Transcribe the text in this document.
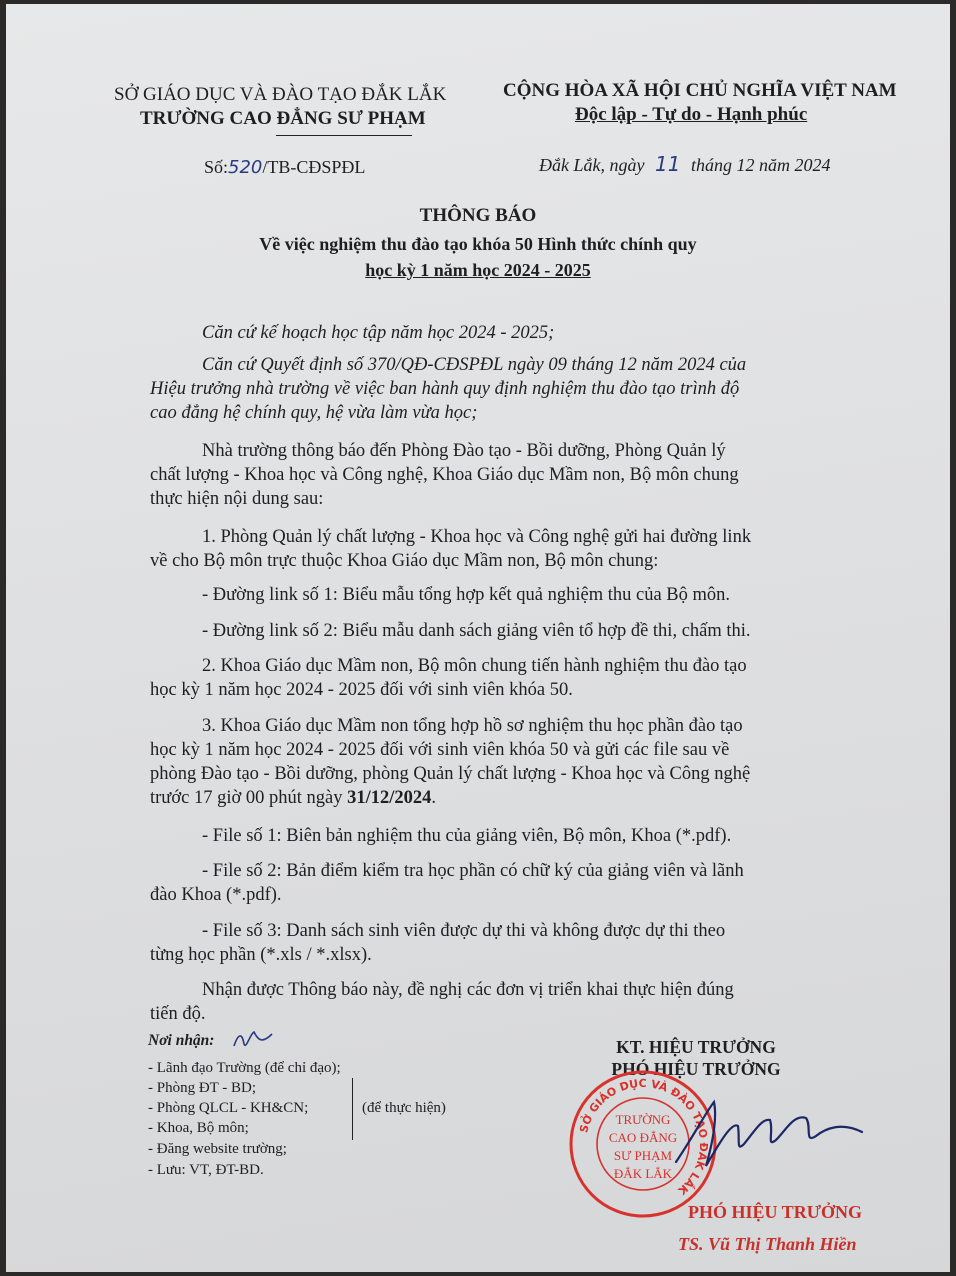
SỞ GIÁO DỤC VÀ ĐÀO TẠO ĐẮK LẮK
TRƯỜNG CAO ĐẲNG SƯ PHẠM
CỘNG HÒA XÃ HỘI CHỦ NGHĨA VIỆT NAM
Độc lập - Tự do - Hạnh phúc
Số:520/TB-CĐSPĐL	Đắk Lắk, ngày 11 tháng 12 năm 2024
THÔNG BÁO
Về việc nghiệm thu đào tạo khóa 50 Hình thức chính quy
học kỳ 1 năm học 2024 - 2025
Căn cứ kế hoạch học tập năm học 2024 - 2025;
Căn cứ Quyết định số 370/QĐ-CĐSPĐL ngày 09 tháng 12 năm 2024 của
Hiệu trưởng nhà trường về việc ban hành quy định nghiệm thu đào tạo trình độ
cao đẳng hệ chính quy, hệ vừa làm vừa học;
Nhà trường thông báo đến Phòng Đào tạo - Bồi dưỡng, Phòng Quản lý
chất lượng - Khoa học và Công nghệ, Khoa Giáo dục Mầm non, Bộ môn chung
thực hiện nội dung sau:
1. Phòng Quản lý chất lượng - Khoa học và Công nghệ gửi hai đường link
về cho Bộ môn trực thuộc Khoa Giáo dục Mầm non, Bộ môn chung:
- Đường link số 1: Biểu mẫu tổng hợp kết quả nghiệm thu của Bộ môn.
- Đường link số 2: Biểu mẫu danh sách giảng viên tổ hợp đề thi, chấm thi.
2. Khoa Giáo dục Mầm non, Bộ môn chung tiến hành nghiệm thu đào tạo
học kỳ 1 năm học 2024 - 2025 đối với sinh viên khóa 50.
3. Khoa Giáo dục Mầm non tổng hợp hồ sơ nghiệm thu học phần đào tạo
học kỳ 1 năm học 2024 - 2025 đối với sinh viên khóa 50 và gửi các file sau về
phòng Đào tạo - Bồi dưỡng, phòng Quản lý chất lượng - Khoa học và Công nghệ
trước 17 giờ 00 phút ngày 31/12/2024.
- File số 1: Biên bản nghiệm thu của giảng viên, Bộ môn, Khoa (*.pdf).
- File số 2: Bản điểm kiểm tra học phần có chữ ký của giảng viên và lãnh
đào Khoa (*.pdf).
- File số 3: Danh sách sinh viên được dự thi và không được dự thi theo
từng học phần (*.xls / *.xlsx).
Nhận được Thông báo này, đề nghị các đơn vị triển khai thực hiện đúng
tiến độ.
Nơi nhận:
- Lãnh đạo Trường (để chỉ đạo);
- Phòng ĐT - BD;
- Phòng QLCL - KH&CN;
- Khoa, Bộ môn;
- Đăng website trường;
- Lưu: VT, ĐT-BD.
(để thực hiện)
KT. HIỆU TRƯỞNG
PHÓ HIỆU TRƯỞNG
SỞ GIÁO DỤC VÀ ĐÀO TẠO ĐẮK LẮK
TRƯỜNG
CAO ĐẲNG
SƯ PHẠM
ĐẮK LẮK
PHÓ HIỆU TRƯỞNG
TS. Vũ Thị Thanh Hiền
